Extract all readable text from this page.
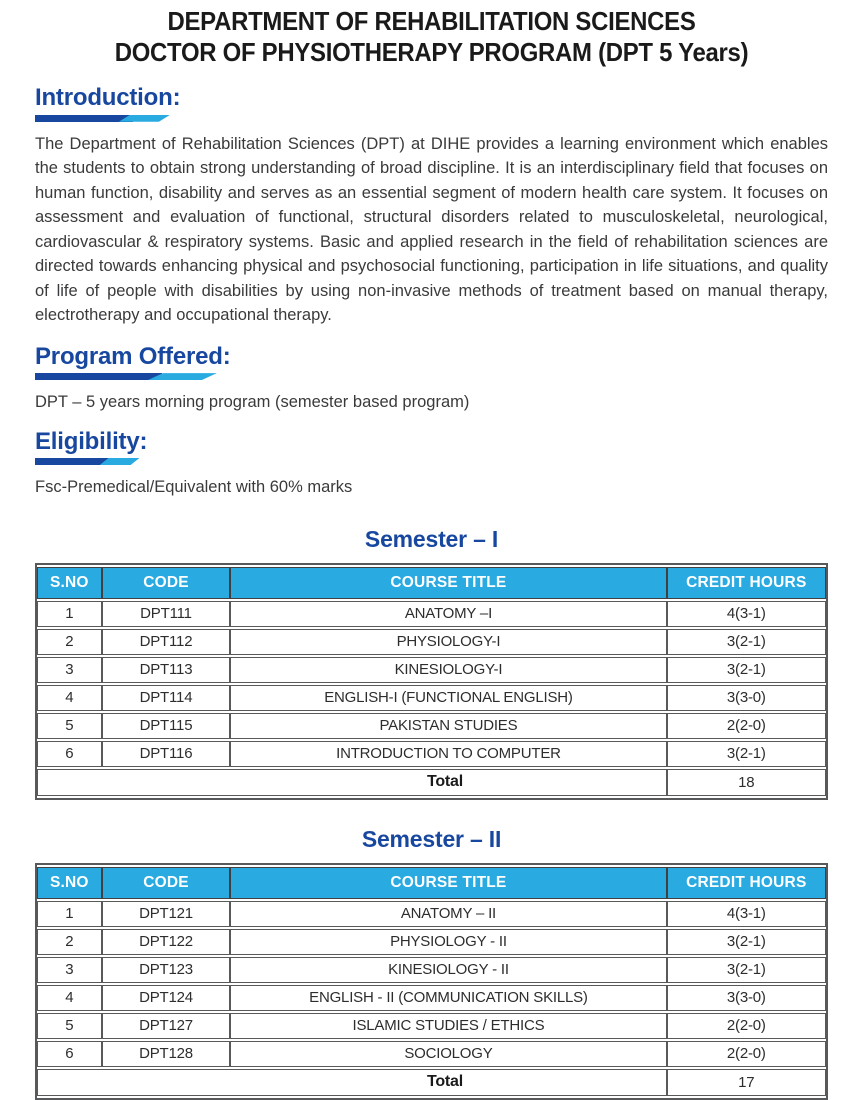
DEPARTMENT OF REHABILITATION SCIENCES
DOCTOR OF PHYSIOTHERAPY PROGRAM (DPT 5 Years)
Introduction:

The Department of Rehabilitation Sciences (DPT) at DIHE provides a learning environment which enables the students to obtain strong understanding of broad discipline. It is an interdisciplinary field that focuses on human function, disability and serves as an essential segment of modern health care system. It focuses on assessment and evaluation of functional, structural disorders related to musculoskeletal, neurological, cardiovascular & respiratory systems. Basic and applied research in the field of rehabilitation sciences are directed towards enhancing physical and psychosocial functioning, participation in life situations, and quality of life of people with disabilities by using non-invasive methods of treatment based on manual therapy, electrotherapy and occupational therapy.

Program Offered:

DPT – 5 years morning program (semester based program)

Eligibility:

Fsc-Premedical/Equivalent with 60% marks

Semester – I
S.NO	CODE	COURSE TITLE	CREDIT HOURS
1	DPT111	ANATOMY –I	4(3-1)
2	DPT112	PHYSIOLOGY-I	3(2-1)
3	DPT113	KINESIOLOGY-I	3(2-1)
4	DPT114	ENGLISH-I (FUNCTIONAL ENGLISH)	3(3-0)
5	DPT115	PAKISTAN STUDIES	2(2-0)
6	DPT116	INTRODUCTION TO COMPUTER	3(2-1)
Total			18
Semester – II
S.NO	CODE	COURSE TITLE	CREDIT HOURS
1	DPT121	ANATOMY – II	4(3-1)
2	DPT122	PHYSIOLOGY - II	3(2-1)
3	DPT123	KINESIOLOGY - II	3(2-1)
4	DPT124	ENGLISH - II (COMMUNICATION SKILLS)	3(3-0)
5	DPT127	ISLAMIC STUDIES / ETHICS	2(2-0)
6	DPT128	SOCIOLOGY	2(2-0)
Total			17
